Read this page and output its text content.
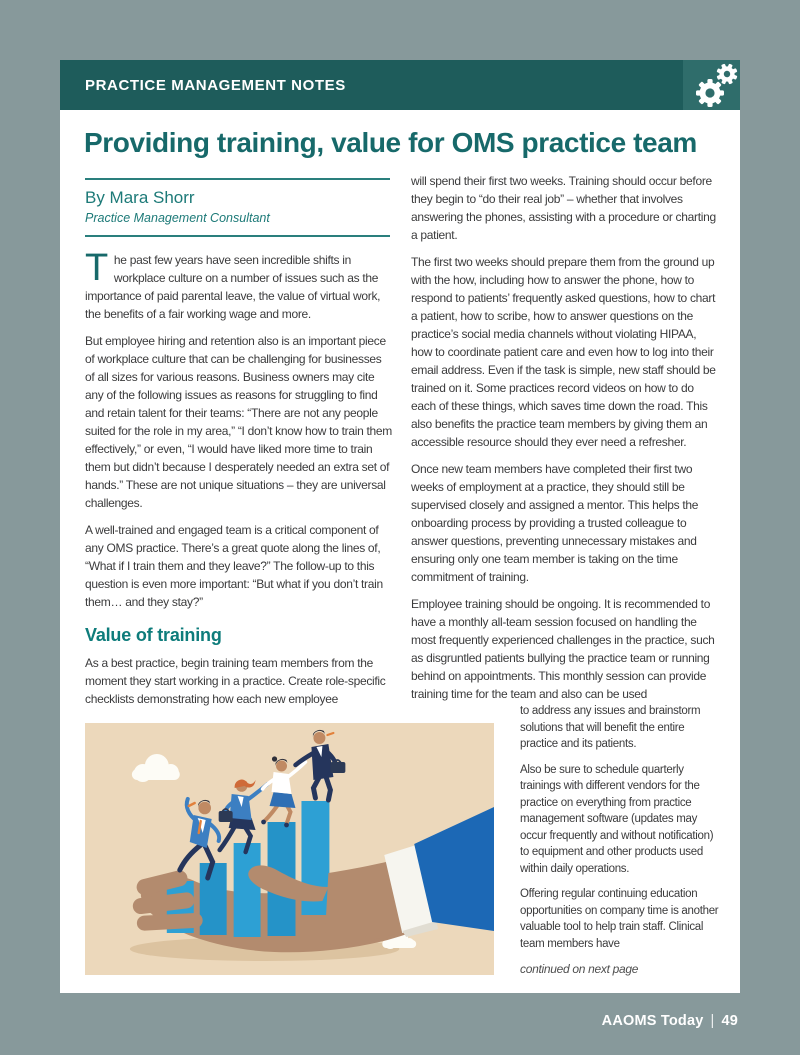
PRACTICE MANAGEMENT NOTES
Providing training, value for OMS practice team
By Mara Shorr
Practice Management Consultant

The past few years have seen incredible shifts in workplace culture on a number of issues such as the importance of paid parental leave, the value of virtual work, the benefits of a fair working wage and more.

But employee hiring and retention also is an important piece of workplace culture that can be challenging for businesses of all sizes for various reasons. Business owners may cite any of the following issues as reasons for struggling to find and retain talent for their teams: “There are not any people suited for the role in my area,” “I don’t know how to train them effectively,” or even, “I would have liked more time to train them but didn’t because I desperately needed an extra set of hands.” These are not unique situations – they are universal challenges.

A well-trained and engaged team is a critical component of any OMS practice. There’s a great quote along the lines of, “What if I train them and they leave?” The follow-up to this question is even more important: “But what if you don’t train them… and they stay?”

Value of training

As a best practice, begin training team members from the moment they start working in a practice. Create role-specific checklists demonstrating how each new employee

will spend their first two weeks. Training should occur before they begin to “do their real job” – whether that involves answering the phones, assisting with a procedure or charting a patient.

The first two weeks should prepare them from the ground up with the how, including how to answer the phone, how to respond to patients’ frequently asked questions, how to chart a patient, how to scribe, how to answer questions on the practice’s social media channels without violating HIPAA, how to coordinate patient care and even how to log into their email address. Even if the task is simple, new staff should be trained on it. Some practices record videos on how to do each of these things, which saves time down the road. This also benefits the practice team members by giving them an accessible resource should they ever need a refresher.

Once new team members have completed their first two weeks of employment at a practice, they should still be supervised closely and assigned a mentor. This helps the onboarding process by providing a trusted colleague to answer questions, preventing unnecessary mistakes and ensuring only one team member is taking on the time commitment of training.

Employee training should be ongoing. It is recommended to have a monthly all-team session focused on handling the most frequently experienced challenges in the practice, such as disgruntled patients bullying the practice team or running behind on appointments. This monthly session can provide training time for the team and also can be used

to address any issues and brainstorm solutions that will benefit the entire practice and its patients.

Also be sure to schedule quarterly trainings with different vendors for the practice on everything from practice management software (updates may occur frequently and without notification) to equipment and other products used within daily operations.

Offering regular continuing education opportunities on company time is another valuable tool to help train staff. Clinical team members have

continued on next page

AAOMS Today | 49
